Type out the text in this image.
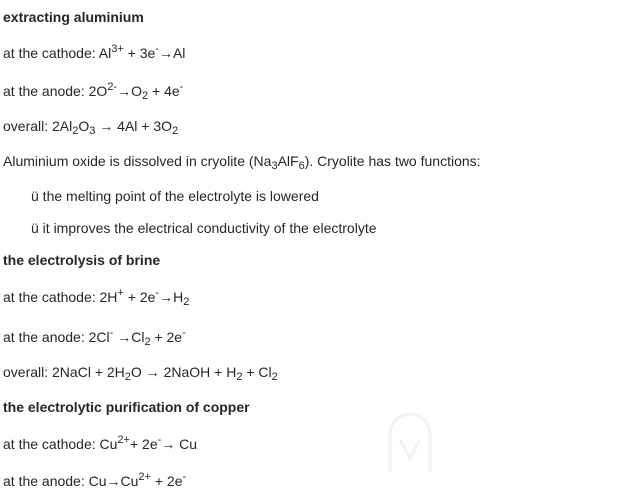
extracting aluminium
at the cathode: $Al^{3+} + 3e^-\to Al$
at the anode: $2O^{2-}\to O_2 + 4e^-$
overall: $2Al_2O_3 \to 4Al + 3O_2$
Aluminium oxide is dissolved in cryolite $(Na_3AlF_6)$. Cryolite has two functions:
ü the melting point of the electrolyte is lowered
ü it improves the electrical conductivity of the electrolyte
the electrolysis of brine
at the cathode: $2H^+ + 2e^-\to H_2$
at the anode: $2Cl^- \to Cl_2 + 2e^-$
overall: 2NaCl + $2H_2O$ → 2NaOH + $H_2 + Cl_2$
the electrolytic purification of copper
at the cathode: $Cu^{2+}+ 2e^-\to Cu$
at the anode: $Cu\to Cu^{2+} + 2e^-$
